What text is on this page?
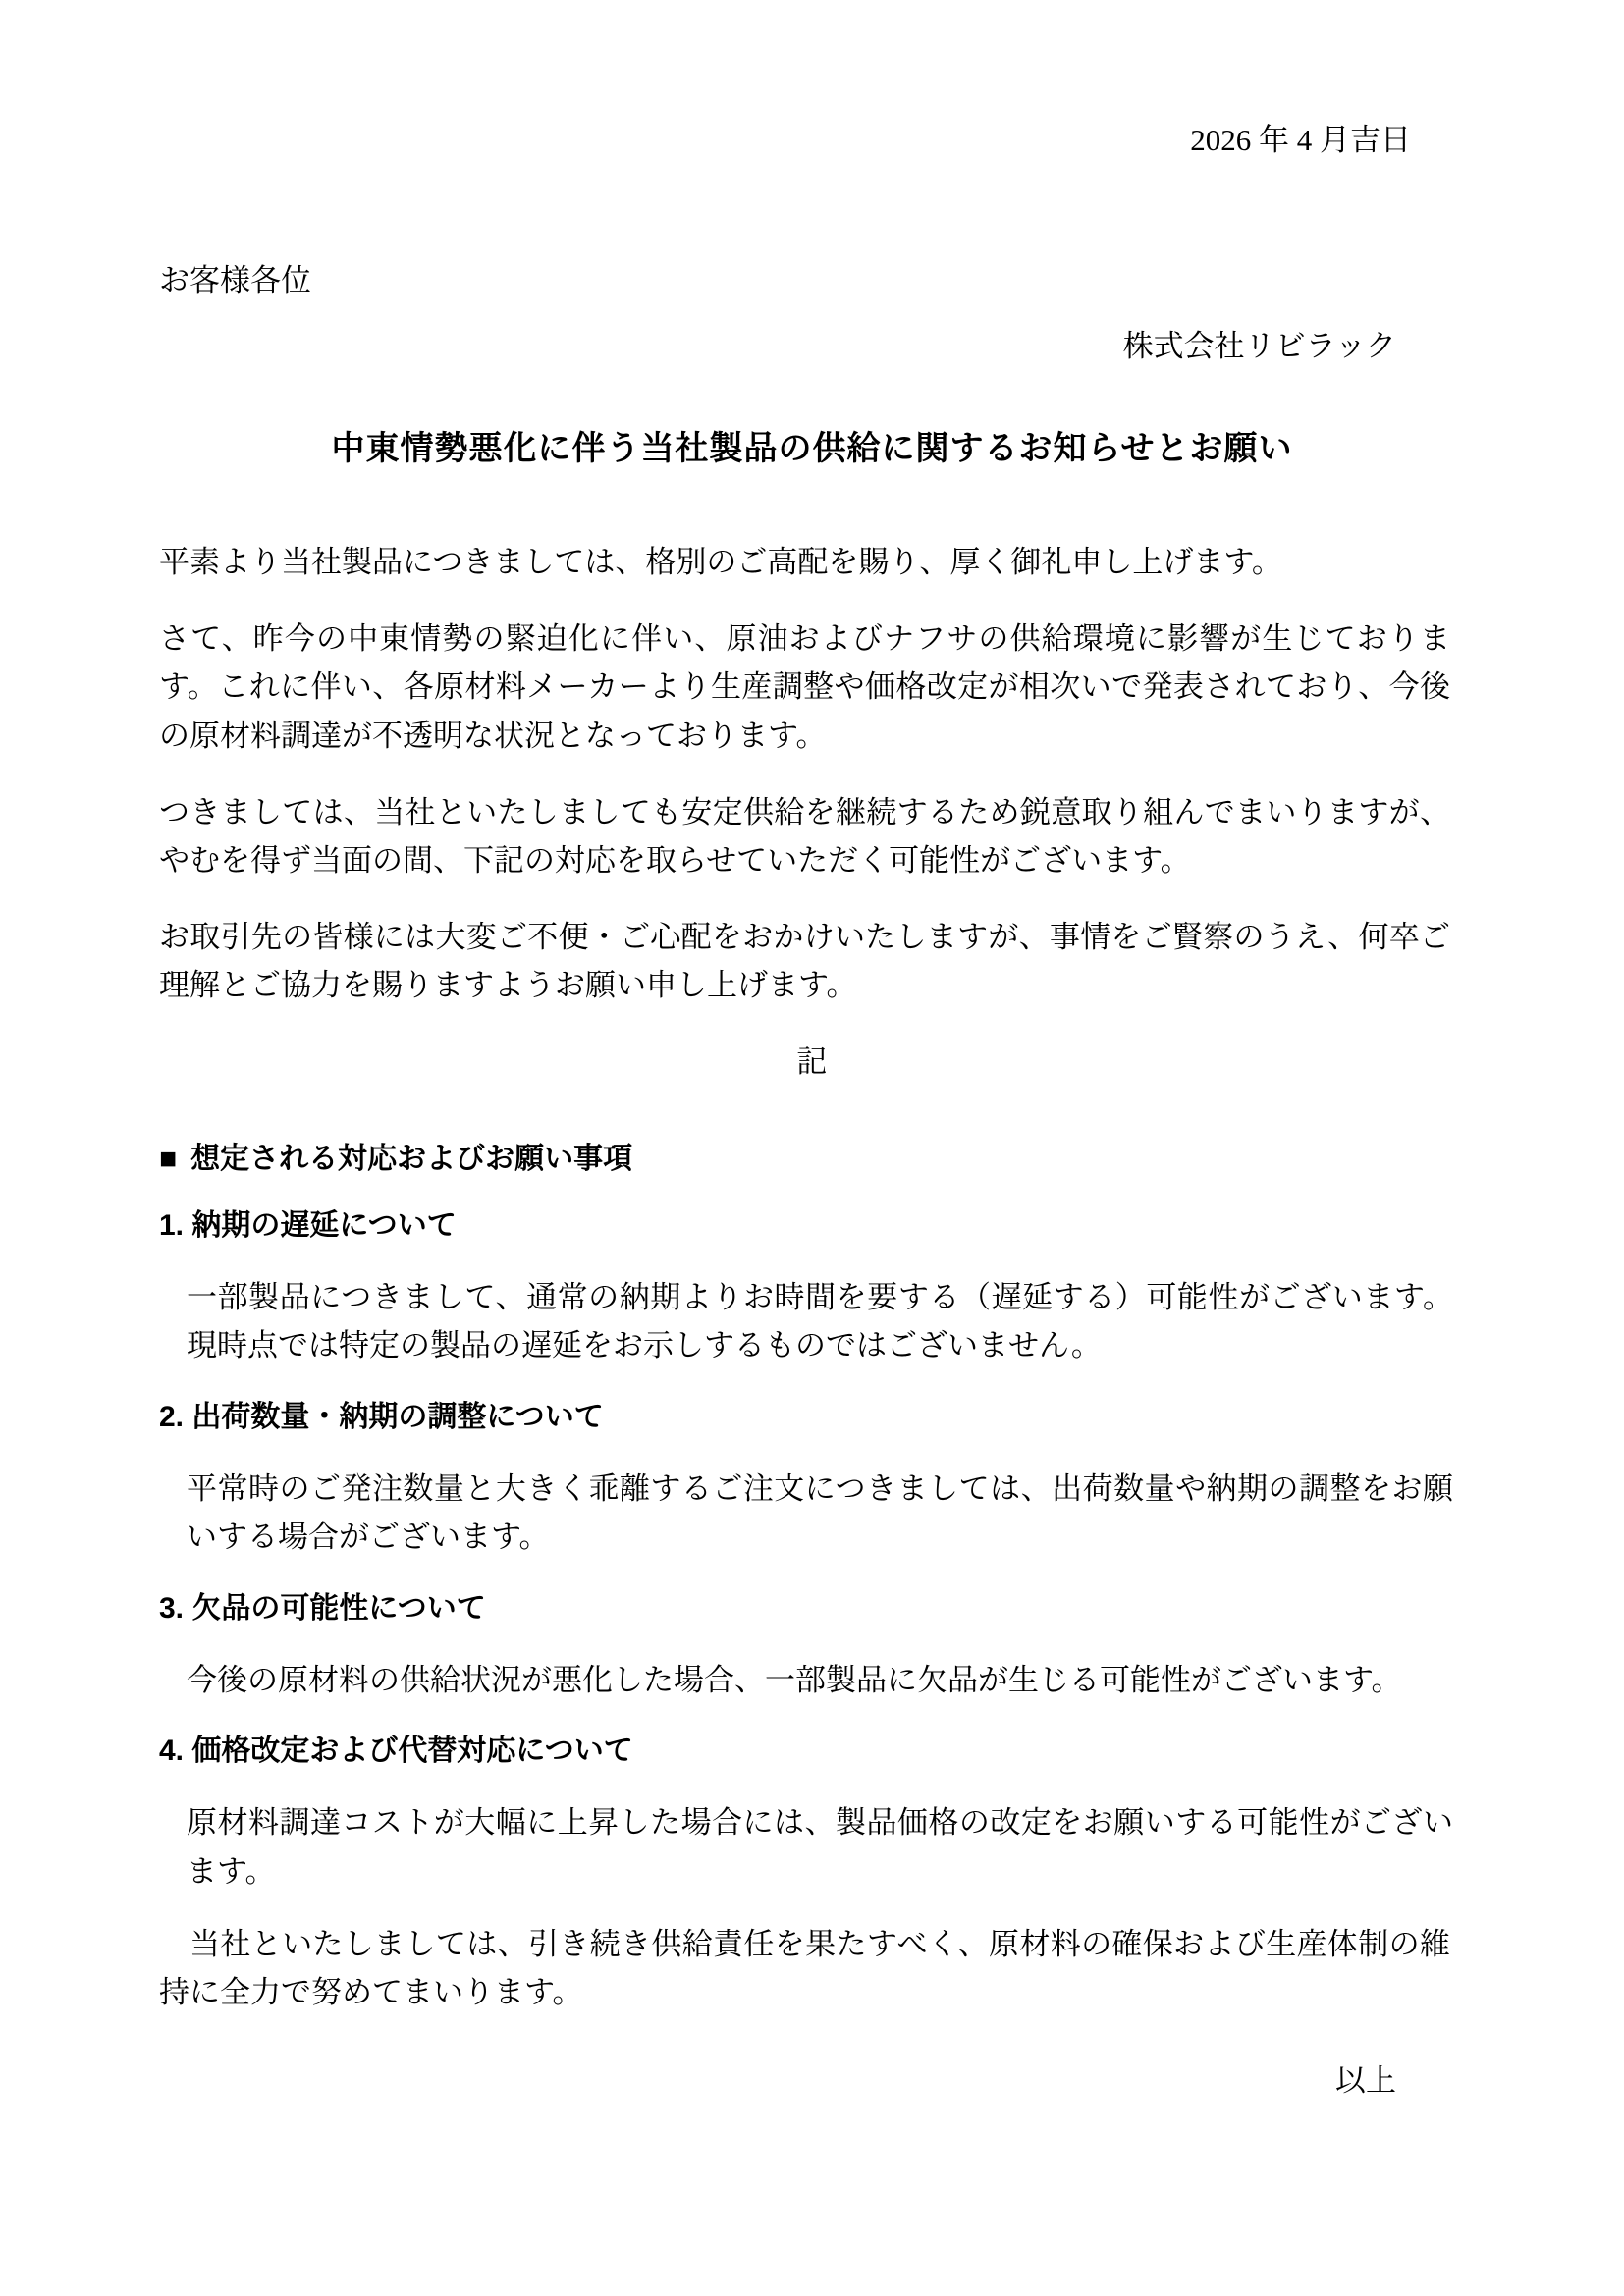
2026 年 4 月吉日
お客様各位
株式会社リビラック
中東情勢悪化に伴う当社製品の供給に関するお知らせとお願い

平素より当社製品につきましては、格別のご高配を賜り、厚く御礼申し上げます。

さて、昨今の中東情勢の緊迫化に伴い、原油およびナフサの供給環境に影響が生じております。これに伴い、各原材料メーカーより生産調整や価格改定が相次いで発表されており、今後の原材料調達が不透明な状況となっております。

つきましては、当社といたしましても安定供給を継続するため鋭意取り組んでまいりますが、やむを得ず当面の間、下記の対応を取らせていただく可能性がございます。

お取引先の皆様には大変ご不便・ご心配をおかけいたしますが、事情をご賢察のうえ、何卒ご理解とご協力を賜りますようお願い申し上げます。

記
■ 想定される対応およびお願い事項
1. 納期の遅延について

一部製品につきまして、通常の納期よりお時間を要する（遅延する）可能性がございます。現時点では特定の製品の遅延をお示しするものではございません。

2. 出荷数量・納期の調整について

平常時のご発注数量と大きく乖離するご注文につきましては、出荷数量や納期の調整をお願いする場合がございます。

3. 欠品の可能性について

今後の原材料の供給状況が悪化した場合、一部製品に欠品が生じる可能性がございます。

4. 価格改定および代替対応について

原材料調達コストが大幅に上昇した場合には、製品価格の改定をお願いする可能性がございます。

当社といたしましては、引き続き供給責任を果たすべく、原材料の確保および生産体制の維持に全力で努めてまいります。

以上
